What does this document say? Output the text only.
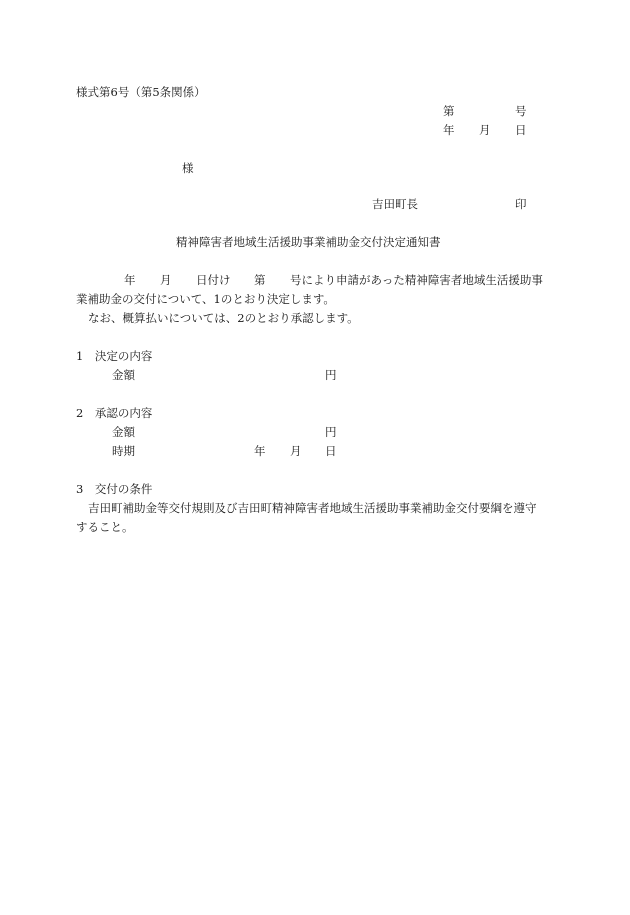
様式第6号（第5条関係）
第	号
年 月 日
様
吉田町長	印
精神障害者地域生活援助事業補助金交付決定通知書
年 月 日付け 第 号により申請があった精神障害者地域生活援助事
業補助金の交付について、1のとおり決定します。
なお、概算払いについては、2のとおり承認します。
1　決定の内容
金額	円
2　承認の内容
金額	円
時期	年 月 日
3　交付の条件
吉田町補助金等交付規則及び吉田町精神障害者地域生活援助事業補助金交付要綱を遵守
すること。
